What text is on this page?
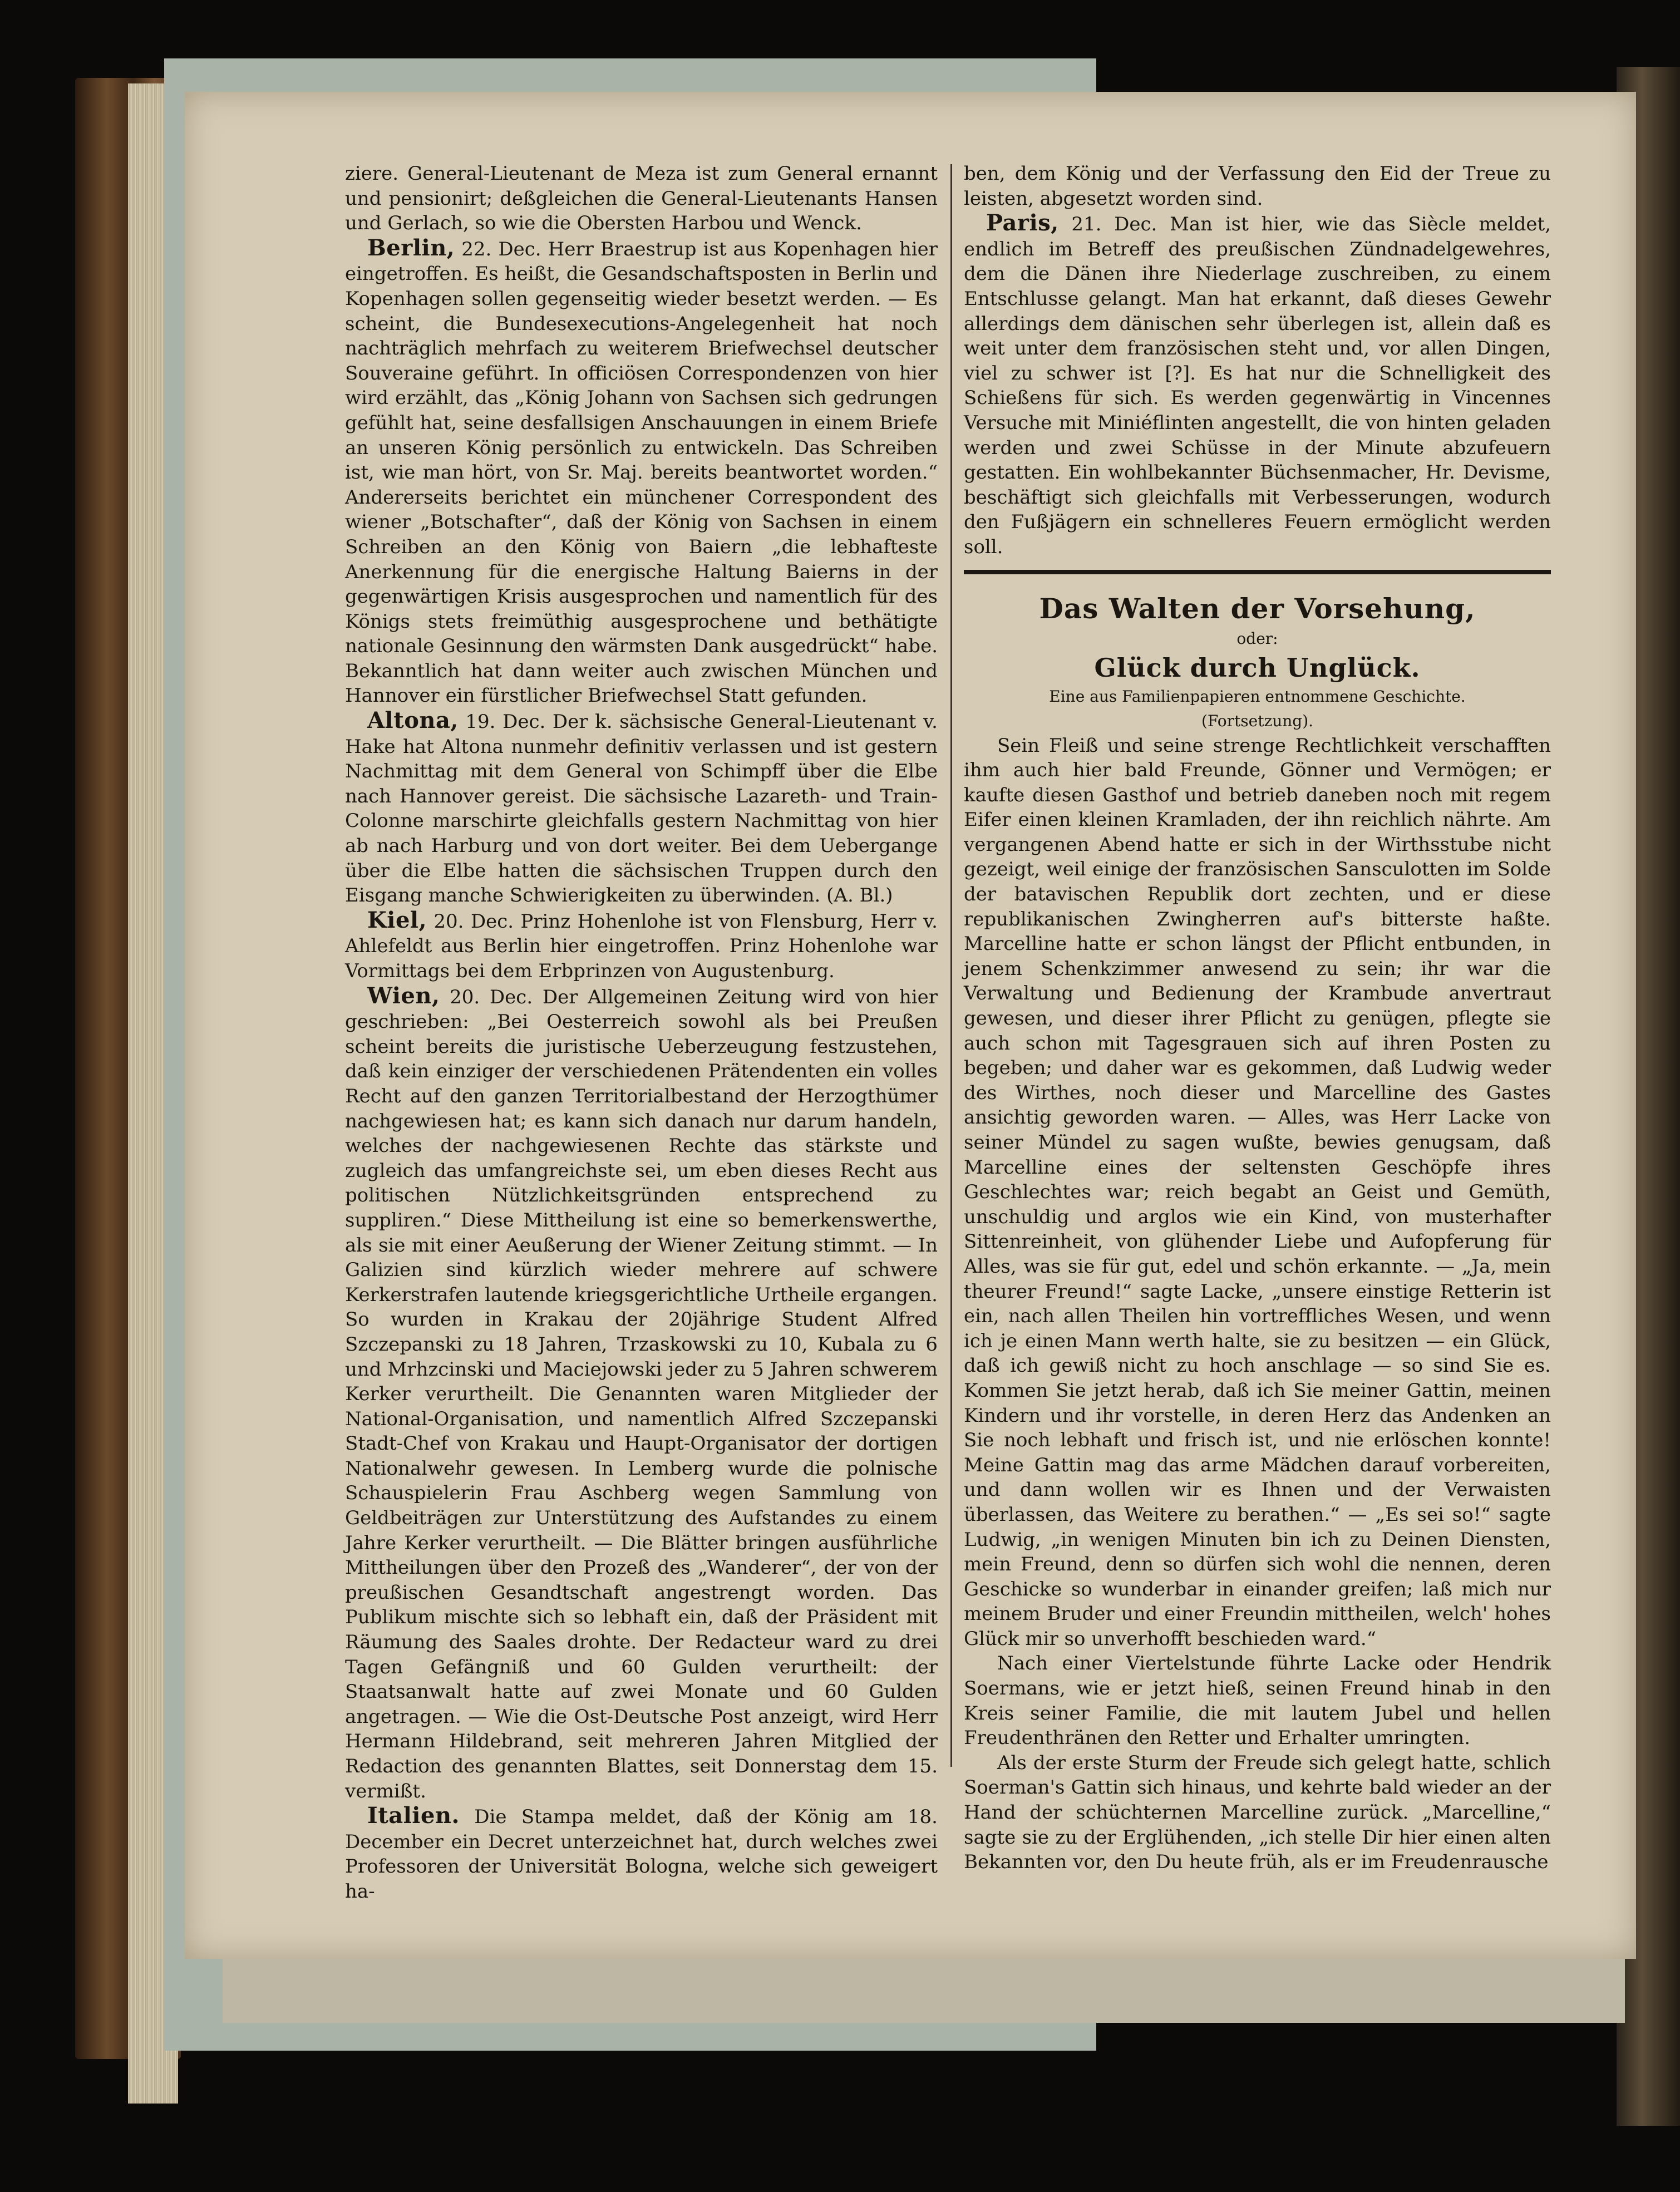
ziere. General-Lieutenant de Meza ist zum General ernannt und pensionirt; deßgleichen die General-Lieutenants Hansen und Gerlach, so wie die Obersten Harbou und Wenck.

Berlin, 22. Dec. Herr Braestrup ist aus Kopenhagen hier eingetroffen. Es heißt, die Gesandschaftsposten in Berlin und Kopenhagen sollen gegenseitig wieder besetzt werden. — Es scheint, die Bundesexecutions-Angelegenheit hat noch nachträglich mehrfach zu weiterem Briefwechsel deutscher Souveraine geführt. In officiösen Correspondenzen von hier wird erzählt, das „König Johann von Sachsen sich gedrungen gefühlt hat, seine desfallsigen Anschauungen in einem Briefe an unseren König persönlich zu entwickeln. Das Schreiben ist, wie man hört, von Sr. Maj. bereits beantwortet worden.“ Andererseits berichtet ein münchener Correspondent des wiener „Botschafter“, daß der König von Sachsen in einem Schreiben an den König von Baiern „die lebhafteste Anerkennung für die energische Haltung Baierns in der gegenwärtigen Krisis ausgesprochen und namentlich für des Königs stets freimüthig ausgesprochene und bethätigte nationale Gesinnung den wärmsten Dank ausgedrückt“ habe. Bekanntlich hat dann weiter auch zwischen München und Hannover ein fürstlicher Briefwechsel Statt gefunden.

Altona, 19. Dec. Der k. sächsische General-Lieutenant v. Hake hat Altona nunmehr definitiv verlassen und ist gestern Nachmittag mit dem General von Schimpff über die Elbe nach Hannover gereist. Die sächsische Lazareth- und Train-Colonne marschirte gleichfalls gestern Nachmittag von hier ab nach Harburg und von dort weiter. Bei dem Uebergange über die Elbe hatten die sächsischen Truppen durch den Eisgang manche Schwierigkeiten zu überwinden. (A. Bl.)

Kiel, 20. Dec. Prinz Hohenlohe ist von Flensburg, Herr v. Ahlefeldt aus Berlin hier eingetroffen. Prinz Hohenlohe war Vormittags bei dem Erbprinzen von Augustenburg.

Wien, 20. Dec. Der Allgemeinen Zeitung wird von hier geschrieben: „Bei Oesterreich sowohl als bei Preußen scheint bereits die juristische Ueberzeugung festzustehen, daß kein einziger der verschiedenen Prätendenten ein volles Recht auf den ganzen Territorialbestand der Herzogthümer nachgewiesen hat; es kann sich danach nur darum handeln, welches der nachgewiesenen Rechte das stärkste und zugleich das umfangreichste sei, um eben dieses Recht aus politischen Nützlichkeitsgründen entsprechend zu suppliren.“ Diese Mittheilung ist eine so bemerkenswerthe, als sie mit einer Aeußerung der Wiener Zeitung stimmt. — In Galizien sind kürzlich wieder mehrere auf schwere Kerkerstrafen lautende kriegsgerichtliche Urtheile ergangen. So wurden in Krakau der 20jährige Student Alfred Szczepanski zu 18 Jahren, Trzaskowski zu 10, Kubala zu 6 und Mrhzcinski und Maciejowski jeder zu 5 Jahren schwerem Kerker verurtheilt. Die Genannten waren Mitglieder der National-Organisation, und namentlich Alfred Szczepanski Stadt-Chef von Krakau und Haupt-Organisator der dortigen Nationalwehr gewesen. In Lemberg wurde die polnische Schauspielerin Frau Aschberg wegen Sammlung von Geldbeiträgen zur Unterstützung des Aufstandes zu einem Jahre Kerker verurtheilt. — Die Blätter bringen ausführliche Mittheilungen über den Prozeß des „Wanderer“, der von der preußischen Gesandtschaft angestrengt worden. Das Publikum mischte sich so lebhaft ein, daß der Präsident mit Räumung des Saales drohte. Der Redacteur ward zu drei Tagen Gefängniß und 60 Gulden verurtheilt: der Staatsanwalt hatte auf zwei Monate und 60 Gulden angetragen. — Wie die Ost-Deutsche Post anzeigt, wird Herr Hermann Hildebrand, seit mehreren Jahren Mitglied der Redaction des genannten Blattes, seit Donnerstag dem 15. vermißt.

Italien. Die Stampa meldet, daß der König am 18. December ein Decret unterzeichnet hat, durch welches zwei Professoren der Universität Bologna, welche sich geweigert ha-

ben, dem König und der Verfassung den Eid der Treue zu leisten, abgesetzt worden sind.

Paris, 21. Dec. Man ist hier, wie das Siècle meldet, endlich im Betreff des preußischen Zündnadelgewehres, dem die Dänen ihre Niederlage zuschreiben, zu einem Entschlusse gelangt. Man hat erkannt, daß dieses Gewehr allerdings dem dänischen sehr überlegen ist, allein daß es weit unter dem französischen steht und, vor allen Dingen, viel zu schwer ist [?]. Es hat nur die Schnelligkeit des Schießens für sich. Es werden gegenwärtig in Vincennes Versuche mit Miniéflinten angestellt, die von hinten geladen werden und zwei Schüsse in der Minute abzufeuern gestatten. Ein wohlbekannter Büchsenmacher, Hr. Devisme, beschäftigt sich gleichfalls mit Verbesserungen, wodurch den Fußjägern ein schnelleres Feuern ermöglicht werden soll.

Das Walten der Vorsehung,

oder:

Glück durch Unglück.

Eine aus Familienpapieren entnommene Geschichte.

(Fortsetzung).

Sein Fleiß und seine strenge Rechtlichkeit verschafften ihm auch hier bald Freunde, Gönner und Vermögen; er kaufte diesen Gasthof und betrieb daneben noch mit regem Eifer einen kleinen Kramladen, der ihn reichlich nährte. Am vergangenen Abend hatte er sich in der Wirthsstube nicht gezeigt, weil einige der französischen Sansculotten im Solde der batavischen Republik dort zechten, und er diese republikanischen Zwingherren auf's bitterste haßte. Marcelline hatte er schon längst der Pflicht entbunden, in jenem Schenkzimmer anwesend zu sein; ihr war die Verwaltung und Bedienung der Krambude anvertraut gewesen, und dieser ihrer Pflicht zu genügen, pflegte sie auch schon mit Tagesgrauen sich auf ihren Posten zu begeben; und daher war es gekommen, daß Ludwig weder des Wirthes, noch dieser und Marcelline des Gastes ansichtig geworden waren. — Alles, was Herr Lacke von seiner Mündel zu sagen wußte, bewies genugsam, daß Marcelline eines der seltensten Geschöpfe ihres Geschlechtes war; reich begabt an Geist und Gemüth, unschuldig und arglos wie ein Kind, von musterhafter Sittenreinheit, von glühender Liebe und Aufopferung für Alles, was sie für gut, edel und schön erkannte. — „Ja, mein theurer Freund!“ sagte Lacke, „unsere einstige Retterin ist ein, nach allen Theilen hin vortreffliches Wesen, und wenn ich je einen Mann werth halte, sie zu besitzen — ein Glück, daß ich gewiß nicht zu hoch anschlage — so sind Sie es. Kommen Sie jetzt herab, daß ich Sie meiner Gattin, meinen Kindern und ihr vorstelle, in deren Herz das Andenken an Sie noch lebhaft und frisch ist, und nie erlöschen konnte! Meine Gattin mag das arme Mädchen darauf vorbereiten, und dann wollen wir es Ihnen und der Verwaisten überlassen, das Weitere zu berathen.“ — „Es sei so!“ sagte Ludwig, „in wenigen Minuten bin ich zu Deinen Diensten, mein Freund, denn so dürfen sich wohl die nennen, deren Geschicke so wunderbar in einander greifen; laß mich nur meinem Bruder und einer Freundin mittheilen, welch' hohes Glück mir so unverhofft beschieden ward.“

Nach einer Viertelstunde führte Lacke oder Hendrik Soermans, wie er jetzt hieß, seinen Freund hinab in den Kreis seiner Familie, die mit lautem Jubel und hellen Freudenthränen den Retter und Erhalter umringten.

Als der erste Sturm der Freude sich gelegt hatte, schlich Soerman's Gattin sich hinaus, und kehrte bald wieder an der Hand der schüchternen Marcelline zurück. „Marcelline,“ sagte sie zu der Erglühenden, „ich stelle Dir hier einen alten Bekannten vor, den Du heute früh, als er im Freudenrausche
